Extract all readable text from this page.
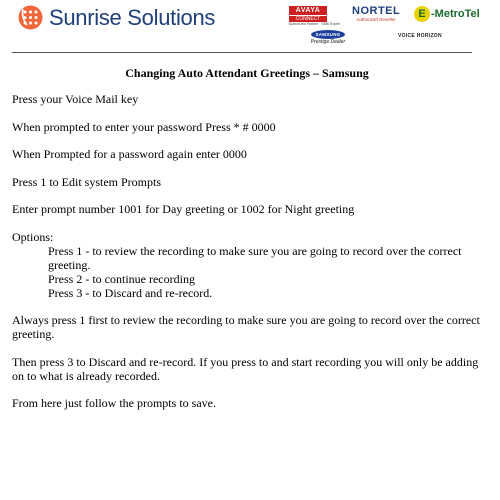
Sunrise Solutions	AVAYA
CONNECT
Authorized Partner · SMB Expert
NORTEL
Authorized Reseller	E -MetroTel
SAMSUNG
Prestige Dealer
VOICE HORIZON

Changing Auto Attendant Greetings – Samsung

Press your Voice Mail key

When prompted to enter your password Press * # 0000

When Prompted for a password again enter 0000

Press 1 to Edit system Prompts

Enter prompt number 1001 for Day greeting or 1002 for Night greeting

Options:

Press 1 - to review the recording to make sure you are going to record over the correct greeting.

Press 2 - to continue recording

Press 3 - to Discard and re-record.

Always press 1 first to review the recording to make sure you are going to record over the correct greeting.

Then press 3 to Discard and re-record. If you press to and start recording you will only be adding on to what is already recorded.

From here just follow the prompts to save.
